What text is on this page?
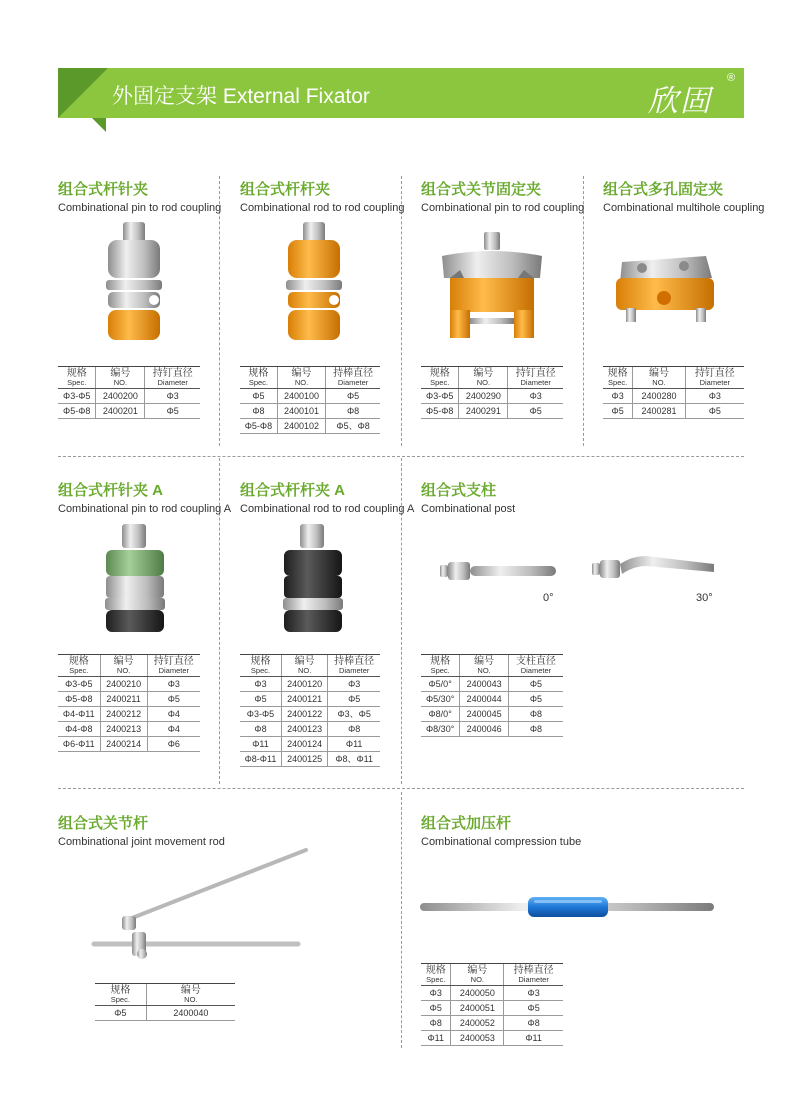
外固定支架 External Fixator	欣固
®
组合式杆针夹
Combinational pin to rod coupling
组合式杆杆夹
Combinational rod to rod coupling
组合式关节固定夹
Combinational pin to rod coupling
组合式多孔固定夹
Combinational multihole coupling
组合式杆针夹 A
Combinational pin to rod coupling A
组合式杆杆夹 A
Combinational rod to rod coupling A
组合式支柱
Combinational post
组合式关节杆
Combinational joint movement rod
组合式加压杆
Combinational compression tube
0°	30°
规格
Spec.	编号
NO.	持钉直径
Diameter

Φ3-Φ5	2400200	Φ3
Φ5-Φ8	2400201	Φ5
规格
Spec.	编号
NO.	持棒直径
Diameter

Φ5	2400100	Φ5
Φ8	2400101	Φ8
Φ5-Φ8	2400102	Φ5、Φ8
规格
Spec.	编号
NO.	持钉直径
Diameter

Φ3-Φ5	2400290	Φ3
Φ5-Φ8	2400291	Φ5
规格
Spec.	编号
NO.	持钉直径
Diameter

Φ3	2400280	Φ3
Φ5	2400281	Φ5
规格
Spec.	编号
NO.	持钉直径
Diameter

Φ3-Φ5	2400210	Φ3
Φ5-Φ8	2400211	Φ5
Φ4-Φ11	2400212	Φ4
Φ4-Φ8	2400213	Φ4
Φ6-Φ11	2400214	Φ6
规格
Spec.	编号
NO.	持棒直径
Diameter

Φ3	2400120	Φ3
Φ5	2400121	Φ5
Φ3-Φ5	2400122	Φ3、Φ5
Φ8	2400123	Φ8
Φ11	2400124	Φ11
Φ8-Φ11	2400125	Φ8、Φ11
规格
Spec.	编号
NO.	支柱直径
Diameter

Φ5/0°	2400043	Φ5
Φ5/30°	2400044	Φ5
Φ8/0°	2400045	Φ8
Φ8/30°	2400046	Φ8
规格
Spec.	编号
NO.

Φ5	2400040
规格
Spec.	编号
NO.	持棒直径
Diameter

Φ3	2400050	Φ3
Φ5	2400051	Φ5
Φ8	2400052	Φ8
Φ11	2400053	Φ11
